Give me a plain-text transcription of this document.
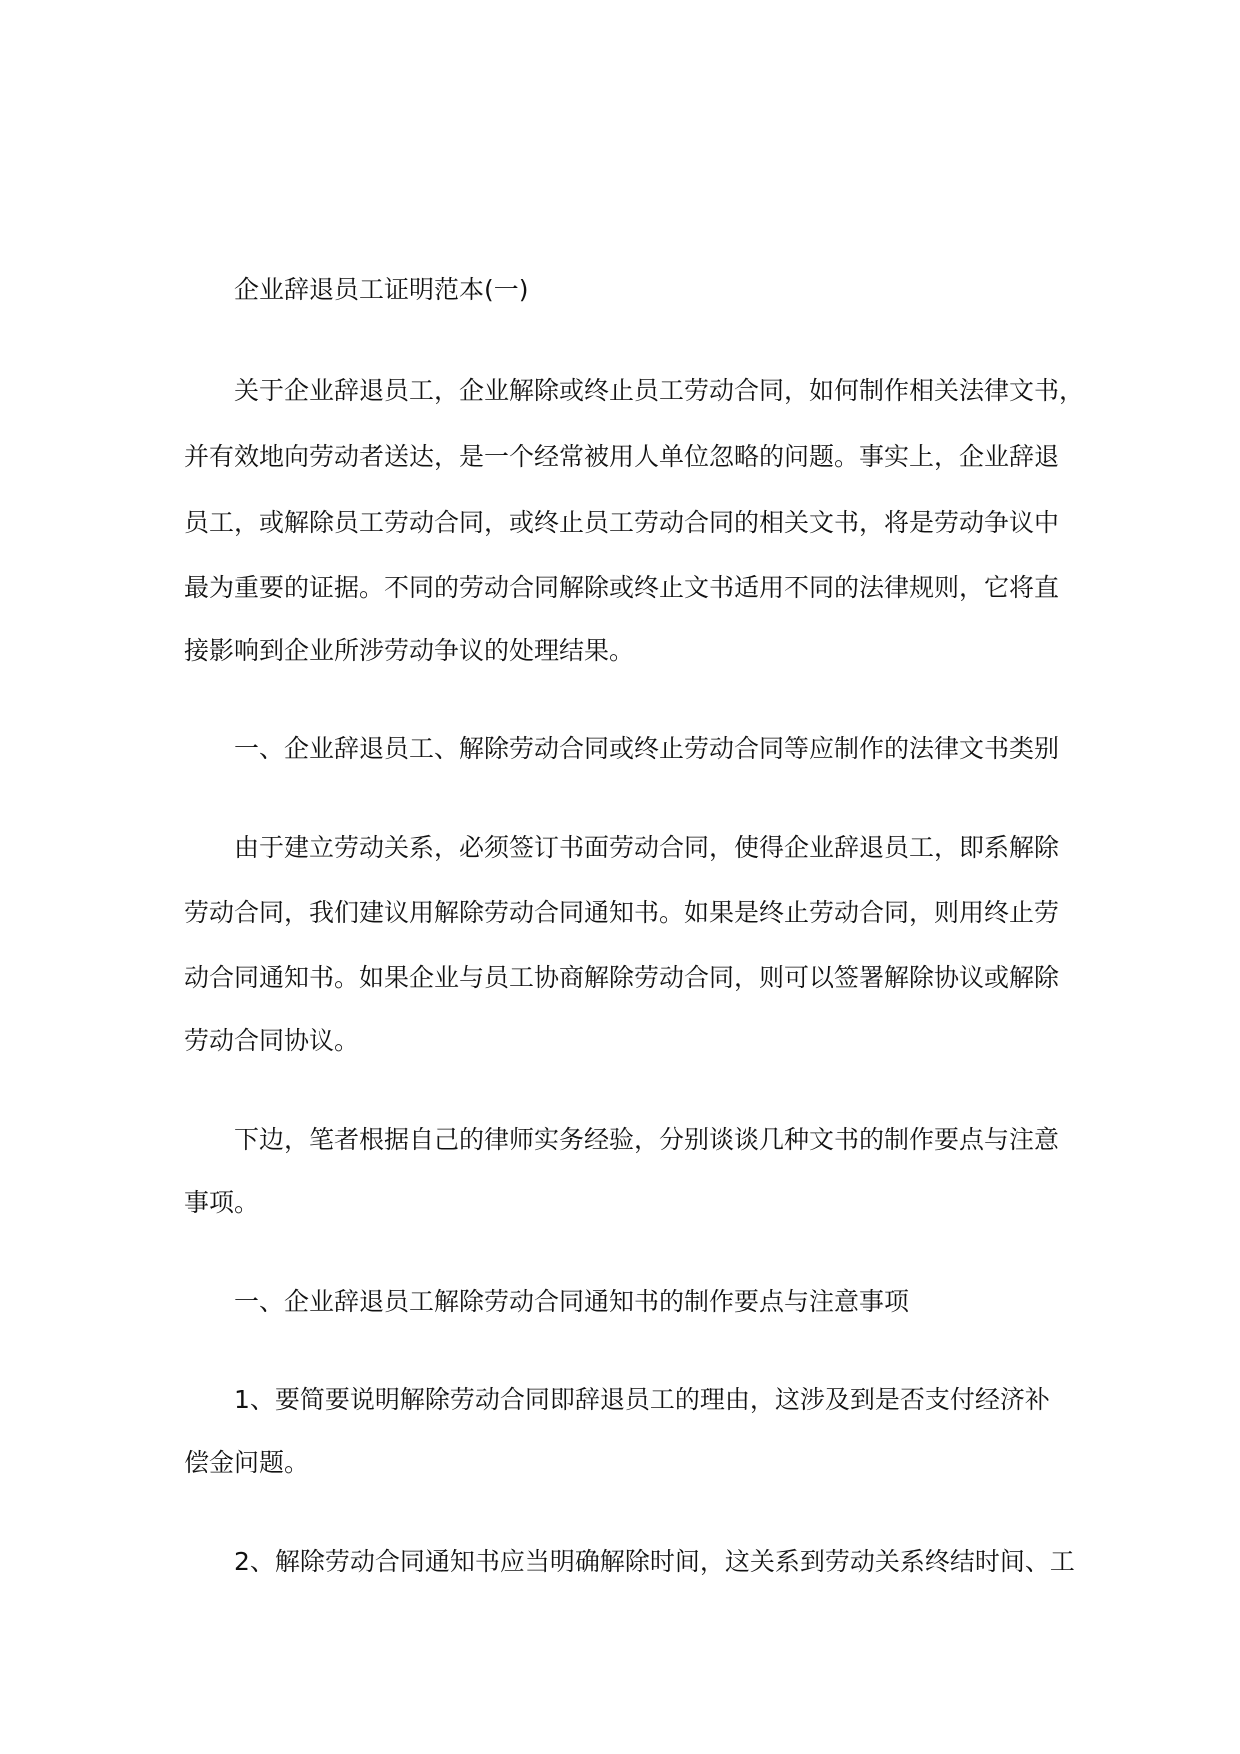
企业辞退员工证明范本(一)
关于企业辞退员工，企业解除或终止员工劳动合同，如何制作相关法律文书，
并有效地向劳动者送达，是一个经常被用人单位忽略的问题。事实上，企业辞退
员工，或解除员工劳动合同，或终止员工劳动合同的相关文书，将是劳动争议中
最为重要的证据。不同的劳动合同解除或终止文书适用不同的法律规则，它将直
接影响到企业所涉劳动争议的处理结果。
一、企业辞退员工、解除劳动合同或终止劳动合同等应制作的法律文书类别
由于建立劳动关系，必须签订书面劳动合同，使得企业辞退员工，即系解除
劳动合同，我们建议用解除劳动合同通知书。如果是终止劳动合同，则用终止劳
动合同通知书。如果企业与员工协商解除劳动合同，则可以签署解除协议或解除
劳动合同协议。
下边，笔者根据自己的律师实务经验，分别谈谈几种文书的制作要点与注意
事项。
一、企业辞退员工解除劳动合同通知书的制作要点与注意事项
1、要简要说明解除劳动合同即辞退员工的理由，这涉及到是否支付经济补
偿金问题。
2、解除劳动合同通知书应当明确解除时间，这关系到劳动关系终结时间、工
